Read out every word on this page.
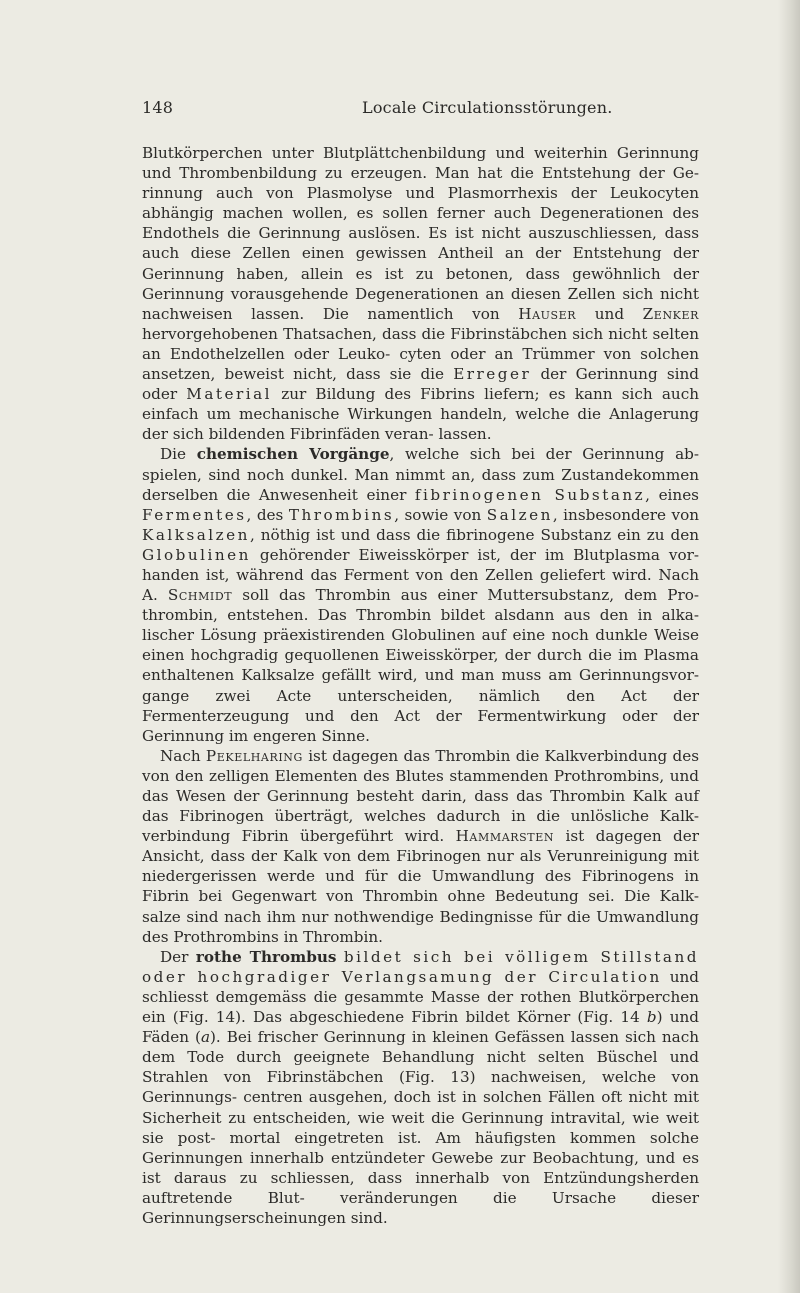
148	Locale Circulationsstörungen.

Blutkörperchen unter Blutplättchenbildung und weiterhin Gerinnung und Thrombenbildung zu erzeugen. Man hat die Entstehung der Ge- rinnung auch von Plasmolyse und Plasmorrhexis der Leukocyten abhängig machen wollen, es sollen ferner auch Degenerationen des Endothels die Gerinnung auslösen. Es ist nicht auszuschliessen, dass auch diese Zellen einen gewissen Antheil an der Entstehung der Gerinnung haben, allein es ist zu betonen, dass gewöhnlich der Gerinnung vorausgehende Degenerationen an diesen Zellen sich nicht nachweisen lassen. Die namentlich von Hauser und Zenker hervorgehobenen Thatsachen, dass die Fibrinstäbchen sich nicht selten an Endothelzellen oder Leuko- cyten oder an Trümmer von solchen ansetzen, beweist nicht, dass sie die Erreger der Gerinnung sind oder Material zur Bildung des Fibrins liefern; es kann sich auch einfach um mechanische Wirkungen handeln, welche die Anlagerung der sich bildenden Fibrinfäden veran- lassen.

Die chemischen Vorgänge, welche sich bei der Gerinnung ab- spielen, sind noch dunkel. Man nimmt an, dass zum Zustandekommen derselben die Anwesenheit einer fibrinogenen Substanz, eines Fermentes, des Thrombins, sowie von Salzen, insbesondere von Kalksalzen, nöthig ist und dass die fibrinogene Substanz ein zu den Globulinen gehörender Eiweisskörper ist, der im Blutplasma vor- handen ist, während das Ferment von den Zellen geliefert wird. Nach A. Schmidt soll das Thrombin aus einer Muttersubstanz, dem Pro- thrombin, entstehen. Das Thrombin bildet alsdann aus den in alka- lischer Lösung präexistirenden Globulinen auf eine noch dunkle Weise einen hochgradig gequollenen Eiweisskörper, der durch die im Plasma enthaltenen Kalksalze gefällt wird, und man muss am Gerinnungsvor- gange zwei Acte unterscheiden, nämlich den Act der Fermenterzeugung und den Act der Fermentwirkung oder der Gerinnung im engeren Sinne.

Nach Pekelharing ist dagegen das Thrombin die Kalkverbindung des von den zelligen Elementen des Blutes stammenden Prothrombins, und das Wesen der Gerinnung besteht darin, dass das Thrombin Kalk auf das Fibrinogen überträgt, welches dadurch in die unlösliche Kalk- verbindung Fibrin übergeführt wird. Hammarsten ist dagegen der Ansicht, dass der Kalk von dem Fibrinogen nur als Verunreinigung mit niedergerissen werde und für die Umwandlung des Fibrinogens in Fibrin bei Gegenwart von Thrombin ohne Bedeutung sei. Die Kalk- salze sind nach ihm nur nothwendige Bedingnisse für die Umwandlung des Prothrombins in Thrombin.

Der rothe Thrombus bildet sich bei völligem Stillstand oder hochgradiger Verlangsamung der Circulation und schliesst demgemäss die gesammte Masse der rothen Blutkörperchen ein (Fig. 14). Das abgeschiedene Fibrin bildet Körner (Fig. 14 b) und Fäden (a). Bei frischer Gerinnung in kleinen Gefässen lassen sich nach dem Tode durch geeignete Behandlung nicht selten Büschel und Strahlen von Fibrinstäbchen (Fig. 13) nachweisen, welche von Gerinnungs- centren ausgehen, doch ist in solchen Fällen oft nicht mit Sicherheit zu entscheiden, wie weit die Gerinnung intravital, wie weit sie post- mortal eingetreten ist. Am häufigsten kommen solche Gerinnungen innerhalb entzündeter Gewebe zur Beobachtung, und es ist daraus zu schliessen, dass innerhalb von Entzündungsherden auftretende Blut- veränderungen die Ursache dieser Gerinnungserscheinungen sind.
